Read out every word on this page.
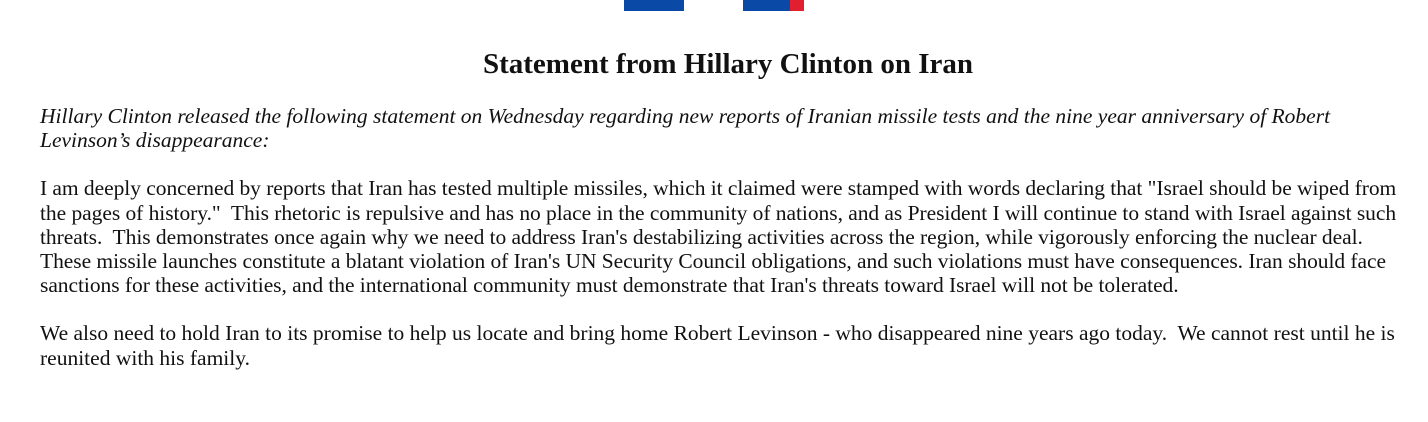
Statement from Hillary Clinton on Iran

Hillary Clinton released the following statement on Wednesday regarding new reports of Iranian missile tests and the nine year anniversary of Robert Levinson’s disappearance:

I am deeply concerned by reports that Iran has tested multiple missiles, which it claimed were stamped with words declaring that "Israel should be wiped from the pages of history."  This rhetoric is repulsive and has no place in the community of nations, and as President I will continue to stand with Israel against such threats.  This demonstrates once again why we need to address Iran's destabilizing activities across the region, while vigorously enforcing the nuclear deal.  These missile launches constitute a blatant violation of Iran's UN Security Council obligations, and such violations must have consequences. Iran should face sanctions for these activities, and the international community must demonstrate that Iran's threats toward Israel will not be tolerated.

We also need to hold Iran to its promise to help us locate and bring home Robert Levinson - who disappeared nine years ago today.  We cannot rest until he is reunited with his family.
